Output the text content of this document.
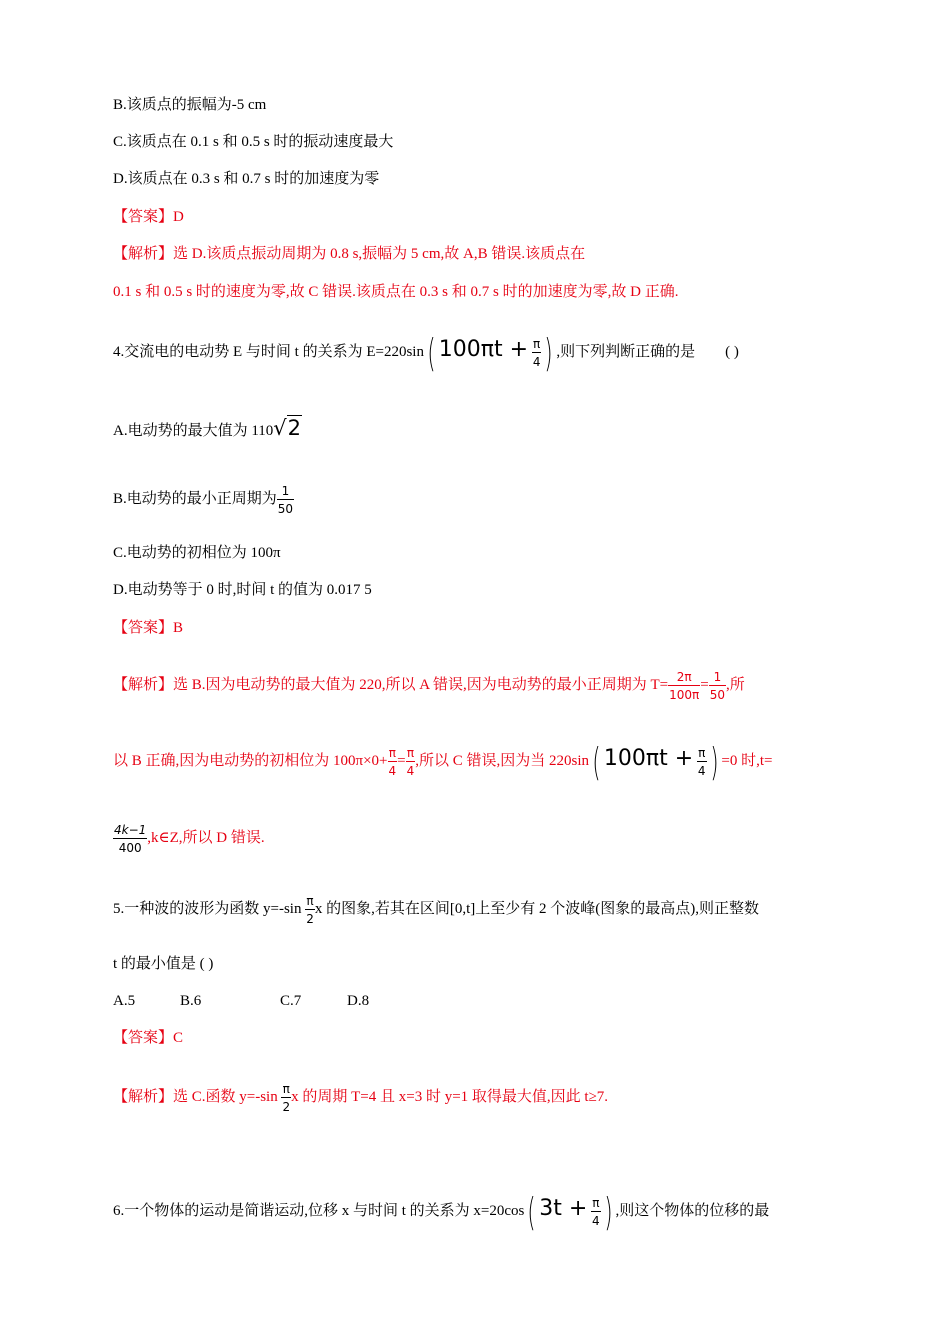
B.该质点的振幅为-5 cm
C.该质点在 0.1 s 和 0.5 s 时的振动速度最大
D.该质点在 0.3 s 和 0.7 s 时的加速度为零
【答案】D
【解析】选 D.该质点振动周期为 0.8 s,振幅为 5 cm,故 A,B 错误.该质点在
0.1 s 和 0.5 s 时的速度为零,故 C 错误.该质点在 0.3 s 和 0.7 s 时的加速度为零,故 D 正确.
4.交流电的电动势 E 与时间 t 的关系为 E=220sin( $100\pi t + \frac{\pi}{4}$ ) ,则下列判断正确的是 ( )
A.电动势的最大值为 110√2
B.电动势的最小正周期为 $\frac{1}{50}$
C.电动势的初相位为 100π
D.电动势等于 0 时,时间 t 的值为 0.017 5
【答案】B
【解析】选 B.因为电动势的最大值为 220,所以 A 错误,因为电动势的最小正周期为 $T= \frac{2\pi}{100\pi} = \frac{1}{50}$ ,所
以 B 正确,因为电动势的初相位为 $100\pi\times 0+ \frac{\pi}{4} = \frac{\pi}{4}$ ,所以 C 错误,因为当 220sin( $100\pi t + \frac{\pi}{4}$ ) =0 时,t=
$\frac{4k-1}{400}$ ,k∈Z,所以 D 错误.
5.一种波的波形为函数 $y=-\sin \frac{\pi}{2}$ x 的图象,若其在区间[0,t]上至少有 2 个波峰(图象的最高点),则正整数
t 的最小值是 ( )
A.5	B.6	C.7	D.8
【答案】C
【解析】选 C.函数 $y=-\sin \frac{\pi}{2}$ x 的周期 T=4 且 x=3 时 y=1 取得最大值,因此 t≥7.
6.一个物体的运动是简谐运动,位移 x 与时间 t 的关系为 x=20cos( $3t + \frac{\pi}{4}$ ) ,则这个物体的位移的最
